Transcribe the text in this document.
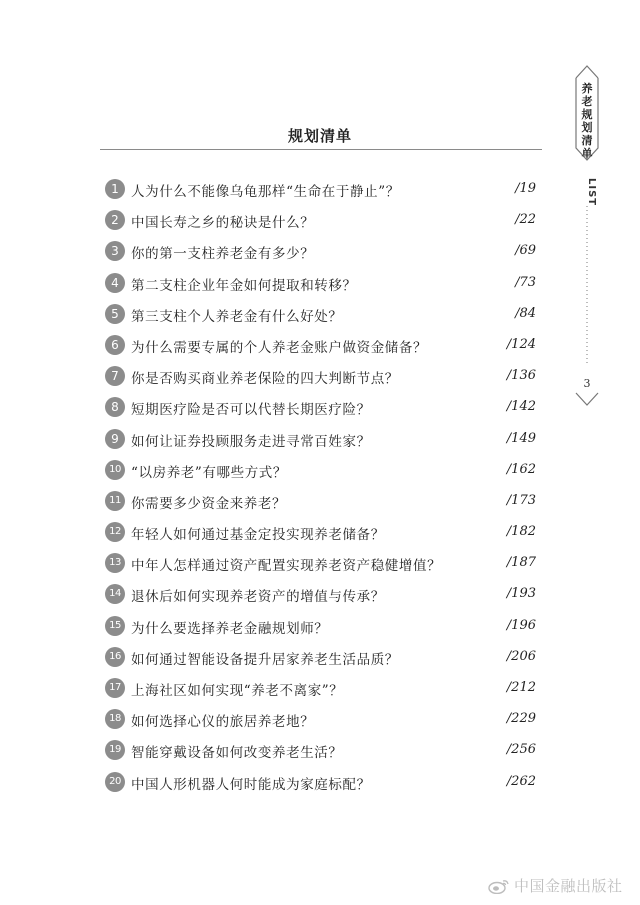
规划清单
1 人为什么不能像乌龟那样“生命在于静止”？	/19
2 中国长寿之乡的秘诀是什么？	/22
3 你的第一支柱养老金有多少？	/69
4 第二支柱企业年金如何提取和转移？	/73
5 第三支柱个人养老金有什么好处？	/84
6 为什么需要专属的个人养老金账户做资金储备？	/124
7 你是否购买商业养老保险的四大判断节点？	/136
8 短期医疗险是否可以代替长期医疗险？	/142
9 如何让证券投顾服务走进寻常百姓家？	/149
10 “以房养老”有哪些方式？	/162
11 你需要多少资金来养老？	/173
12 年轻人如何通过基金定投实现养老储备？	/182
13 中年人怎样通过资产配置实现养老资产稳健增值？	/187
14 退休后如何实现养老资产的增值与传承？	/193
15 为什么要选择养老金融规划师？	/196
16 如何通过智能设备提升居家养老生活品质？	/206
17 上海社区如何实现“养老不离家”？	/212
18 如何选择心仪的旅居养老地？	/229
19 智能穿戴设备如何改变养老生活？	/256
20 中国人形机器人何时能成为家庭标配？	/262
养老规划清单
LIST
3
中国金融出版社
